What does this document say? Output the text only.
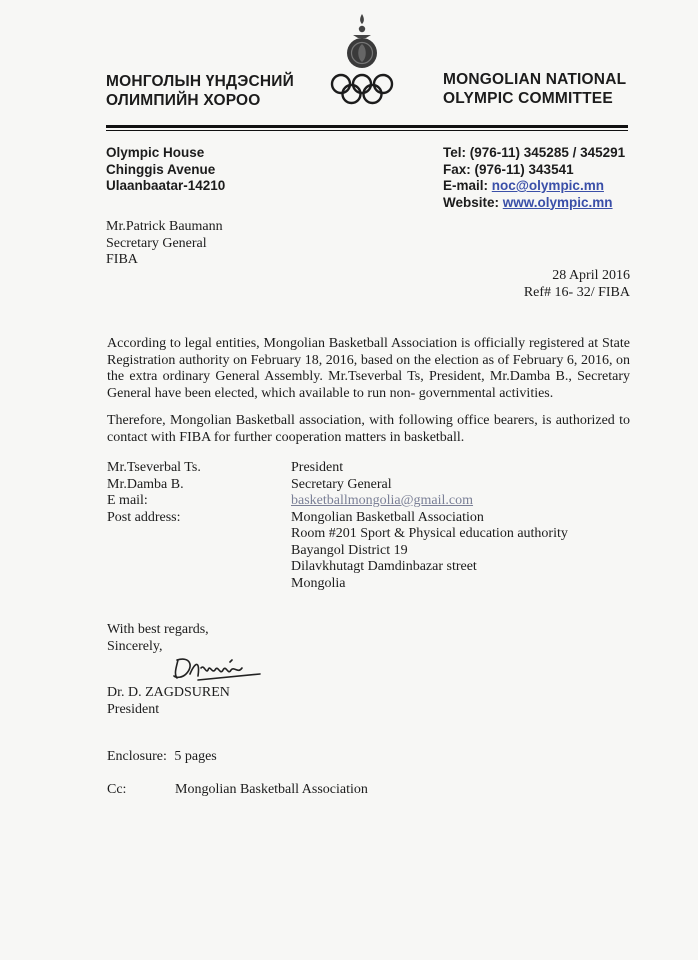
МОНГОЛЫН ҮНДЭСНИЙ
ОЛИМПИЙН ХОРОО
MONGOLIAN NATIONAL
OLYMPIC COMMITTEE
Olympic House
Chinggis Avenue
Ulaanbaatar-14210
Tel: (976-11) 345285 / 345291
Fax: (976-11) 343541
E-mail: noc@olympic.mn
Website: www.olympic.mn
Mr.Patrick Baumann
Secretary General
FIBA
28 April 2016
Ref# 16- 32/ FIBA
According to legal entities, Mongolian Basketball Association is officially registered at State Registration authority on February 18, 2016, based on the election as of February 6, 2016, on the extra ordinary General Assembly. Mr.Tseverbal Ts, President, Mr.Damba B., Secretary General have been elected, which available to run non- governmental activities.
Therefore, Mongolian Basketball association, with following office bearers, is authorized to contact with FIBA for further cooperation matters in basketball.
Mr.Tseverbal Ts.	President
Mr.Damba B.	Secretary General
E mail:	basketballmongolia@gmail.com
Post address:	Mongolian Basketball Association
Room #201 Sport & Physical education authority
Bayangol District 19
Dilavkhutagt Damdinbazar street
Mongolia
With best regards,
Sincerely,
Dr. D. ZAGDSUREN
President
Enclosure: 5 pages
Cc:	Mongolian Basketball Association
